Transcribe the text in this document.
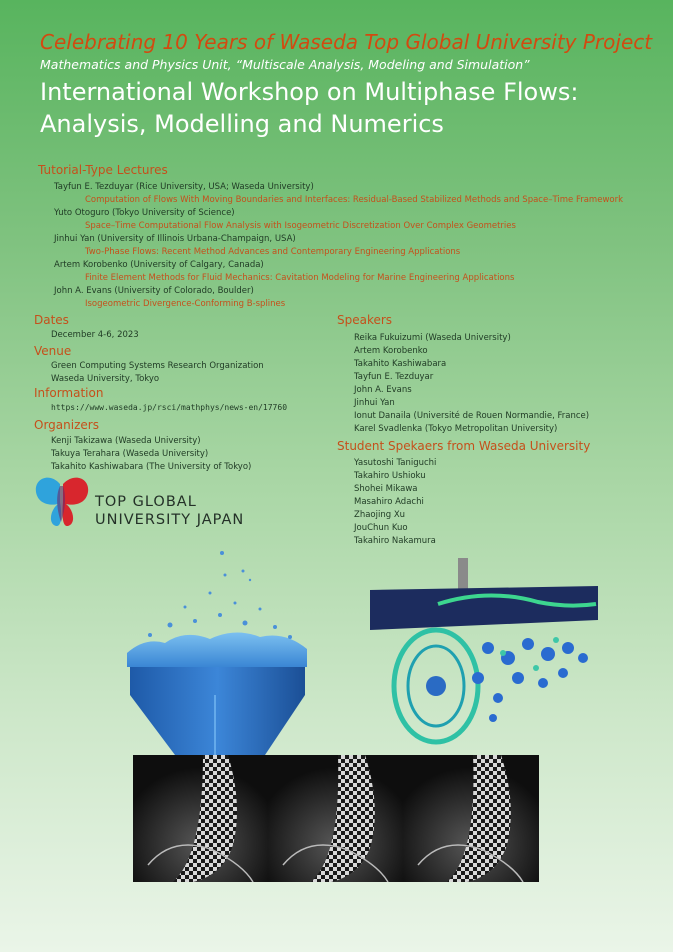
Celebrating 10 Years of Waseda Top Global University Project
Mathematics and Physics Unit, “Multiscale Analysis, Modeling and Simulation”
International Workshop on Multiphase Flows:
Analysis, Modelling and Numerics
Tutorial-Type Lectures
Tayfun E. Tezduyar (Rice University, USA; Waseda University)
Computation of Flows With Moving Boundaries and Interfaces: Residual-Based Stabilized Methods and Space–Time Framework
Yuto Otoguro (Tokyo University of Science)
Space–Time Computational Flow Analysis with Isogeometric Discretization Over Complex Geometries
Jinhui Yan (University of Illinois Urbana-Champaign, USA)
Two-Phase Flows: Recent Method Advances and Contemporary Engineering Applications
Artem Korobenko (University of Calgary, Canada)
Finite Element Methods for Fluid Mechanics: Cavitation Modeling for Marine Engineering Applications
John A. Evans (University of Colorado, Boulder)
Isogeometric Divergence-Conforming B-splines
Dates
December 4-6, 2023
Venue
Green Computing Systems Research Organization
Waseda University, Tokyo
Information
https://www.waseda.jp/rsci/mathphys/news-en/17760
Organizers
Kenji Takizawa (Waseda University)
Takuya Terahara (Waseda University)
Takahito Kashiwabara (The University of Tokyo)
Speakers
Reika Fukuizumi (Waseda University)
Artem Korobenko
Takahito Kashiwabara
Tayfun E. Tezduyar
John A. Evans
Jinhui Yan
Ionut Danaila (Université de Rouen Normandie, France)
Karel Svadlenka (Tokyo Metropolitan University)
Student Spekaers from Waseda University
Yasutoshi Taniguchi
Takahiro Ushioku
Shohei Mikawa
Masahiro Adachi
Zhaojing Xu
JouChun Kuo
Takahiro Nakamura
TOP GLOBAL
UNIVERSITY JAPAN
